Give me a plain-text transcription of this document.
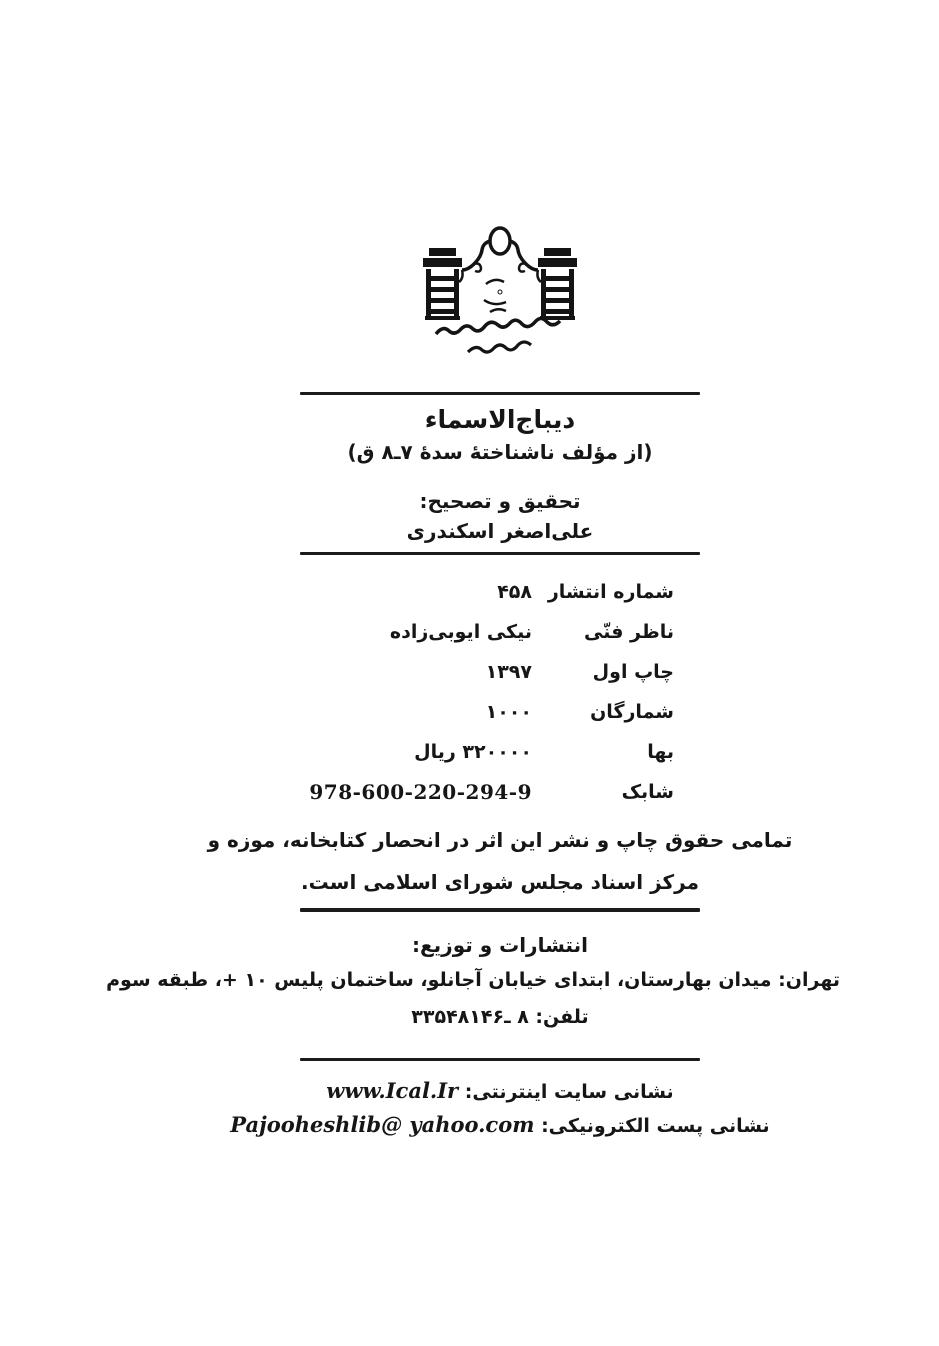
دیباج‌الاسماء
(از مؤلف ناشناختهٔ سدهٔ ۷ـ۸ ق)
تحقیق و تصحیح:
علی‌اصغر اسکندری
شماره انتشار
۴۵۸
ناظر فنّی
نیکی ایوبی‌زاده
چاپ اول
۱۳۹۷
شمارگان
۱۰۰۰
بها
۳۲۰۰۰۰ ریال
شابک
978-600-220-294-9
تمامی حقوق چاپ و نشر این اثر در انحصار کتابخانه، موزه و
مرکز اسناد مجلس شورای اسلامی است.
انتشارات و توزیع:
تهران: میدان بهارستان، ابتدای خیابان آجانلو، ساختمان پلیس ۱۰ +، طبقه سوم
تلفن: ۸ ـ۳۳۵۴۸۱۴۶
نشانی سایت اینترنتی: www.Ical.Ir
نشانی پست الکترونیکی: Pajooheshlib@ yahoo.com
